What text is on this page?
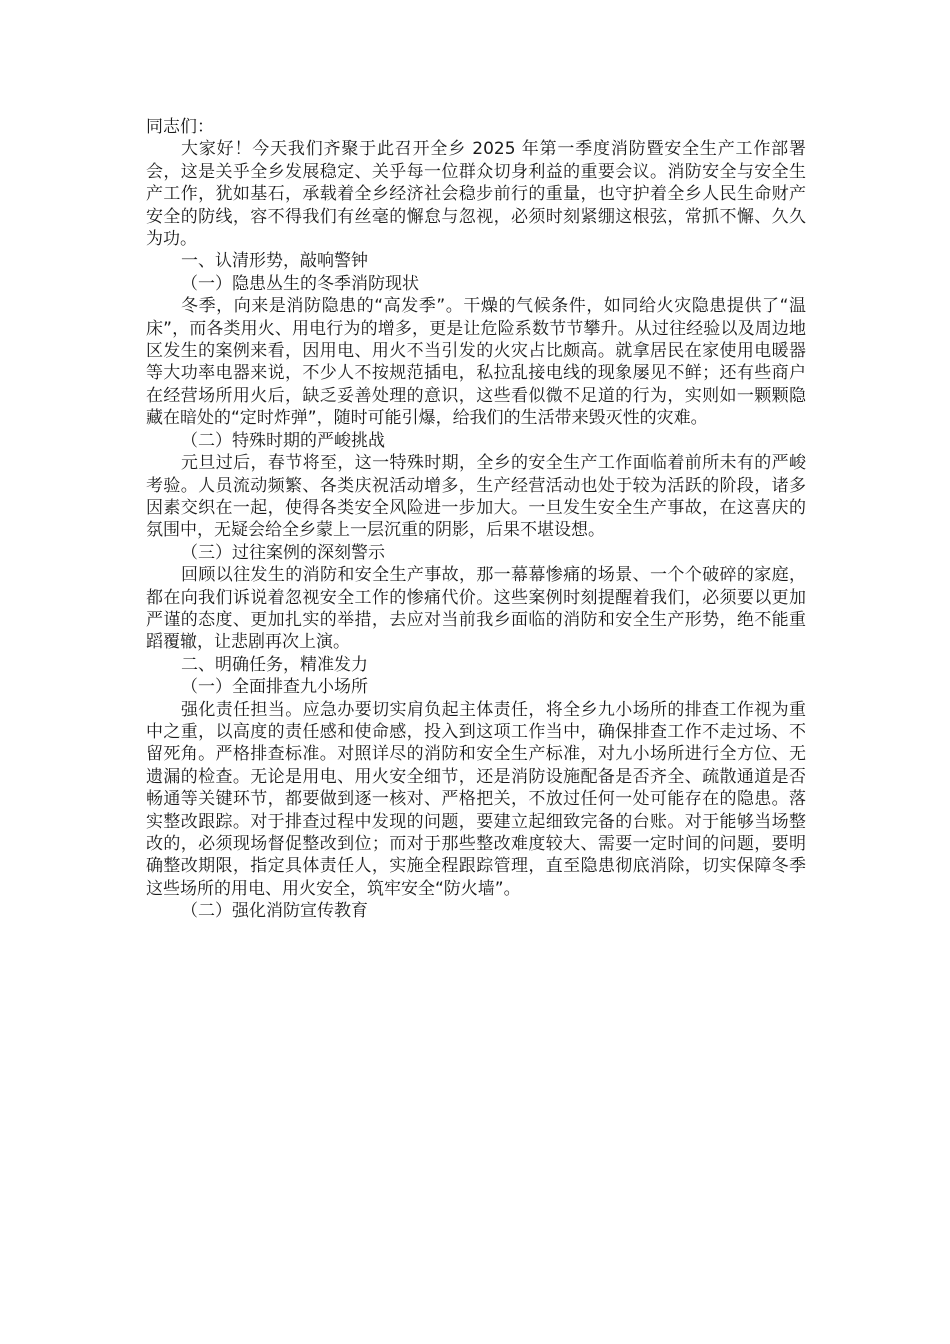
同志们：

大家好！今天我们齐聚于此召开全乡 2025 年第一季度消防暨安全生产工作部署会，这是关乎全乡发展稳定、关乎每一位群众切身利益的重要会议。消防安全与安全生产工作，犹如基石，承载着全乡经济社会稳步前行的重量，也守护着全乡人民生命财产安全的防线，容不得我们有丝毫的懈怠与忽视，必须时刻紧绷这根弦，常抓不懈、久久为功。

一、认清形势，敲响警钟

（一）隐患丛生的冬季消防现状

冬季，向来是消防隐患的“高发季”。干燥的气候条件，如同给火灾隐患提供了“温床”，而各类用火、用电行为的增多，更是让危险系数节节攀升。从过往经验以及周边地区发生的案例来看，因用电、用火不当引发的火灾占比颇高。就拿居民在家使用电暖器等大功率电器来说，不少人不按规范插电，私拉乱接电线的现象屡见不鲜；还有些商户在经营场所用火后，缺乏妥善处理的意识，这些看似微不足道的行为，实则如一颗颗隐藏在暗处的“定时炸弹”，随时可能引爆，给我们的生活带来毁灭性的灾难。

（二）特殊时期的严峻挑战

元旦过后，春节将至，这一特殊时期，全乡的安全生产工作面临着前所未有的严峻考验。人员流动频繁、各类庆祝活动增多，生产经营活动也处于较为活跃的阶段，诸多因素交织在一起，使得各类安全风险进一步加大。一旦发生安全生产事故，在这喜庆的氛围中，无疑会给全乡蒙上一层沉重的阴影，后果不堪设想。

（三）过往案例的深刻警示

回顾以往发生的消防和安全生产事故，那一幕幕惨痛的场景、一个个破碎的家庭，都在向我们诉说着忽视安全工作的惨痛代价。这些案例时刻提醒着我们，必须要以更加严谨的态度、更加扎实的举措，去应对当前我乡面临的消防和安全生产形势，绝不能重蹈覆辙，让悲剧再次上演。

二、明确任务，精准发力

（一）全面排查九小场所

强化责任担当。应急办要切实肩负起主体责任，将全乡九小场所的排查工作视为重中之重，以高度的责任感和使命感，投入到这项工作当中，确保排查工作不走过场、不留死角。严格排查标准。对照详尽的消防和安全生产标准，对九小场所进行全方位、无遗漏的检查。无论是用电、用火安全细节，还是消防设施配备是否齐全、疏散通道是否畅通等关键环节，都要做到逐一核对、严格把关，不放过任何一处可能存在的隐患。落实整改跟踪。对于排查过程中发现的问题，要建立起细致完备的台账。对于能够当场整改的，必须现场督促整改到位；而对于那些整改难度较大、需要一定时间的问题，要明确整改期限，指定具体责任人，实施全程跟踪管理，直至隐患彻底消除，切实保障冬季这些场所的用电、用火安全，筑牢安全“防火墙”。

（二）强化消防宣传教育
